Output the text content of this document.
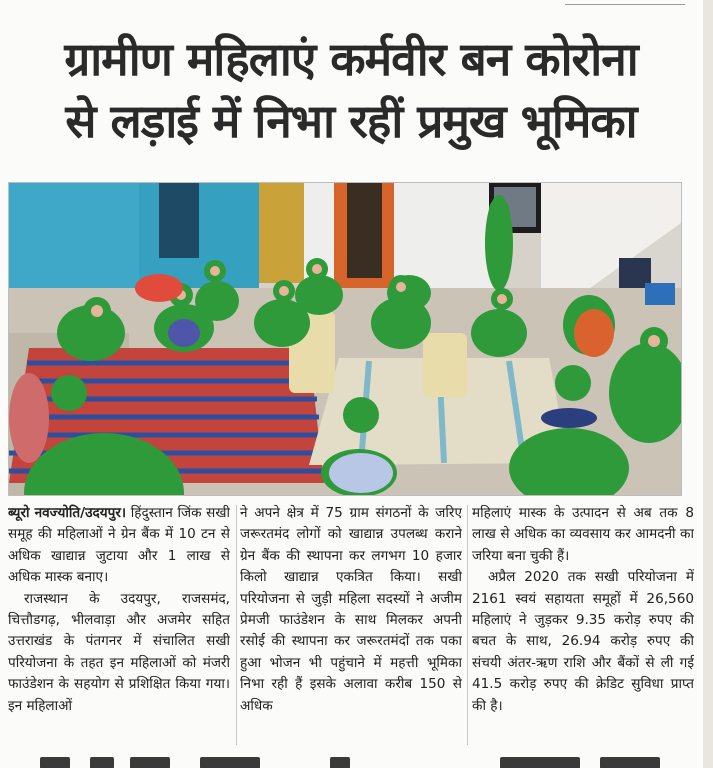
ग्रामीण महिलाएं कर्मवीर बन कोरोना
से लड़ाई में निभा रहीं प्रमुख भूमिका

ब्यूरो नवज्योति/उदयपुर। हिंदुस्तान जिंक सखी समूह की महिलाओं ने ग्रेन बैंक में 10 टन से अधिक खाद्यान्न जुटाया और 1 लाख से अधिक मास्क बनाए।

राजस्थान के उदयपुर, राजसमंद, चित्तौडगढ़, भीलवाड़ा और अजमेर सहित उत्तराखंड के पंतगनर में संचालित सखी परियोजना के तहत इन महिलाओं को मंजरी फाउंडेशन के सहयोग से प्रशिक्षित किया गया। इन महिलाओं

ने अपने क्षेत्र में 75 ग्राम संगठनों के जरिए जरूरतमंद लोगों को खाद्यान्न उपलब्ध कराने ग्रेन बैंक की स्थापना कर लगभग 10 हजार किलो खाद्यान्न एकत्रित किया। सखी परियोजना से जुड़ी महिला सदस्यों ने अजीम प्रेमजी फाउंडेशन के साथ मिलकर अपनी रसोई की स्थापना कर जरूरतमंदों तक पका हुआ भोजन भी पहुंचाने में महत्ती भूमिका निभा रही हैं इसके अलावा करीब 150 से अधिक

महिलाएं मास्क के उत्पादन से अब तक 8 लाख से अधिक का व्यवसाय कर आमदनी का जरिया बना चुकी हैं।

अप्रैल 2020 तक सखी परियोजना में 2161 स्वयं सहायता समूहों में 26,560 महिलाएं ने जुड़कर 9.35 करोड़ रुपए की बचत के साथ, 26.94 करोड़ रुपए की संचयी अंतर-ऋण राशि और बैंकों से ली गई 41.5 करोड़ रुपए की क्रेडिट सुविधा प्राप्त की है।
